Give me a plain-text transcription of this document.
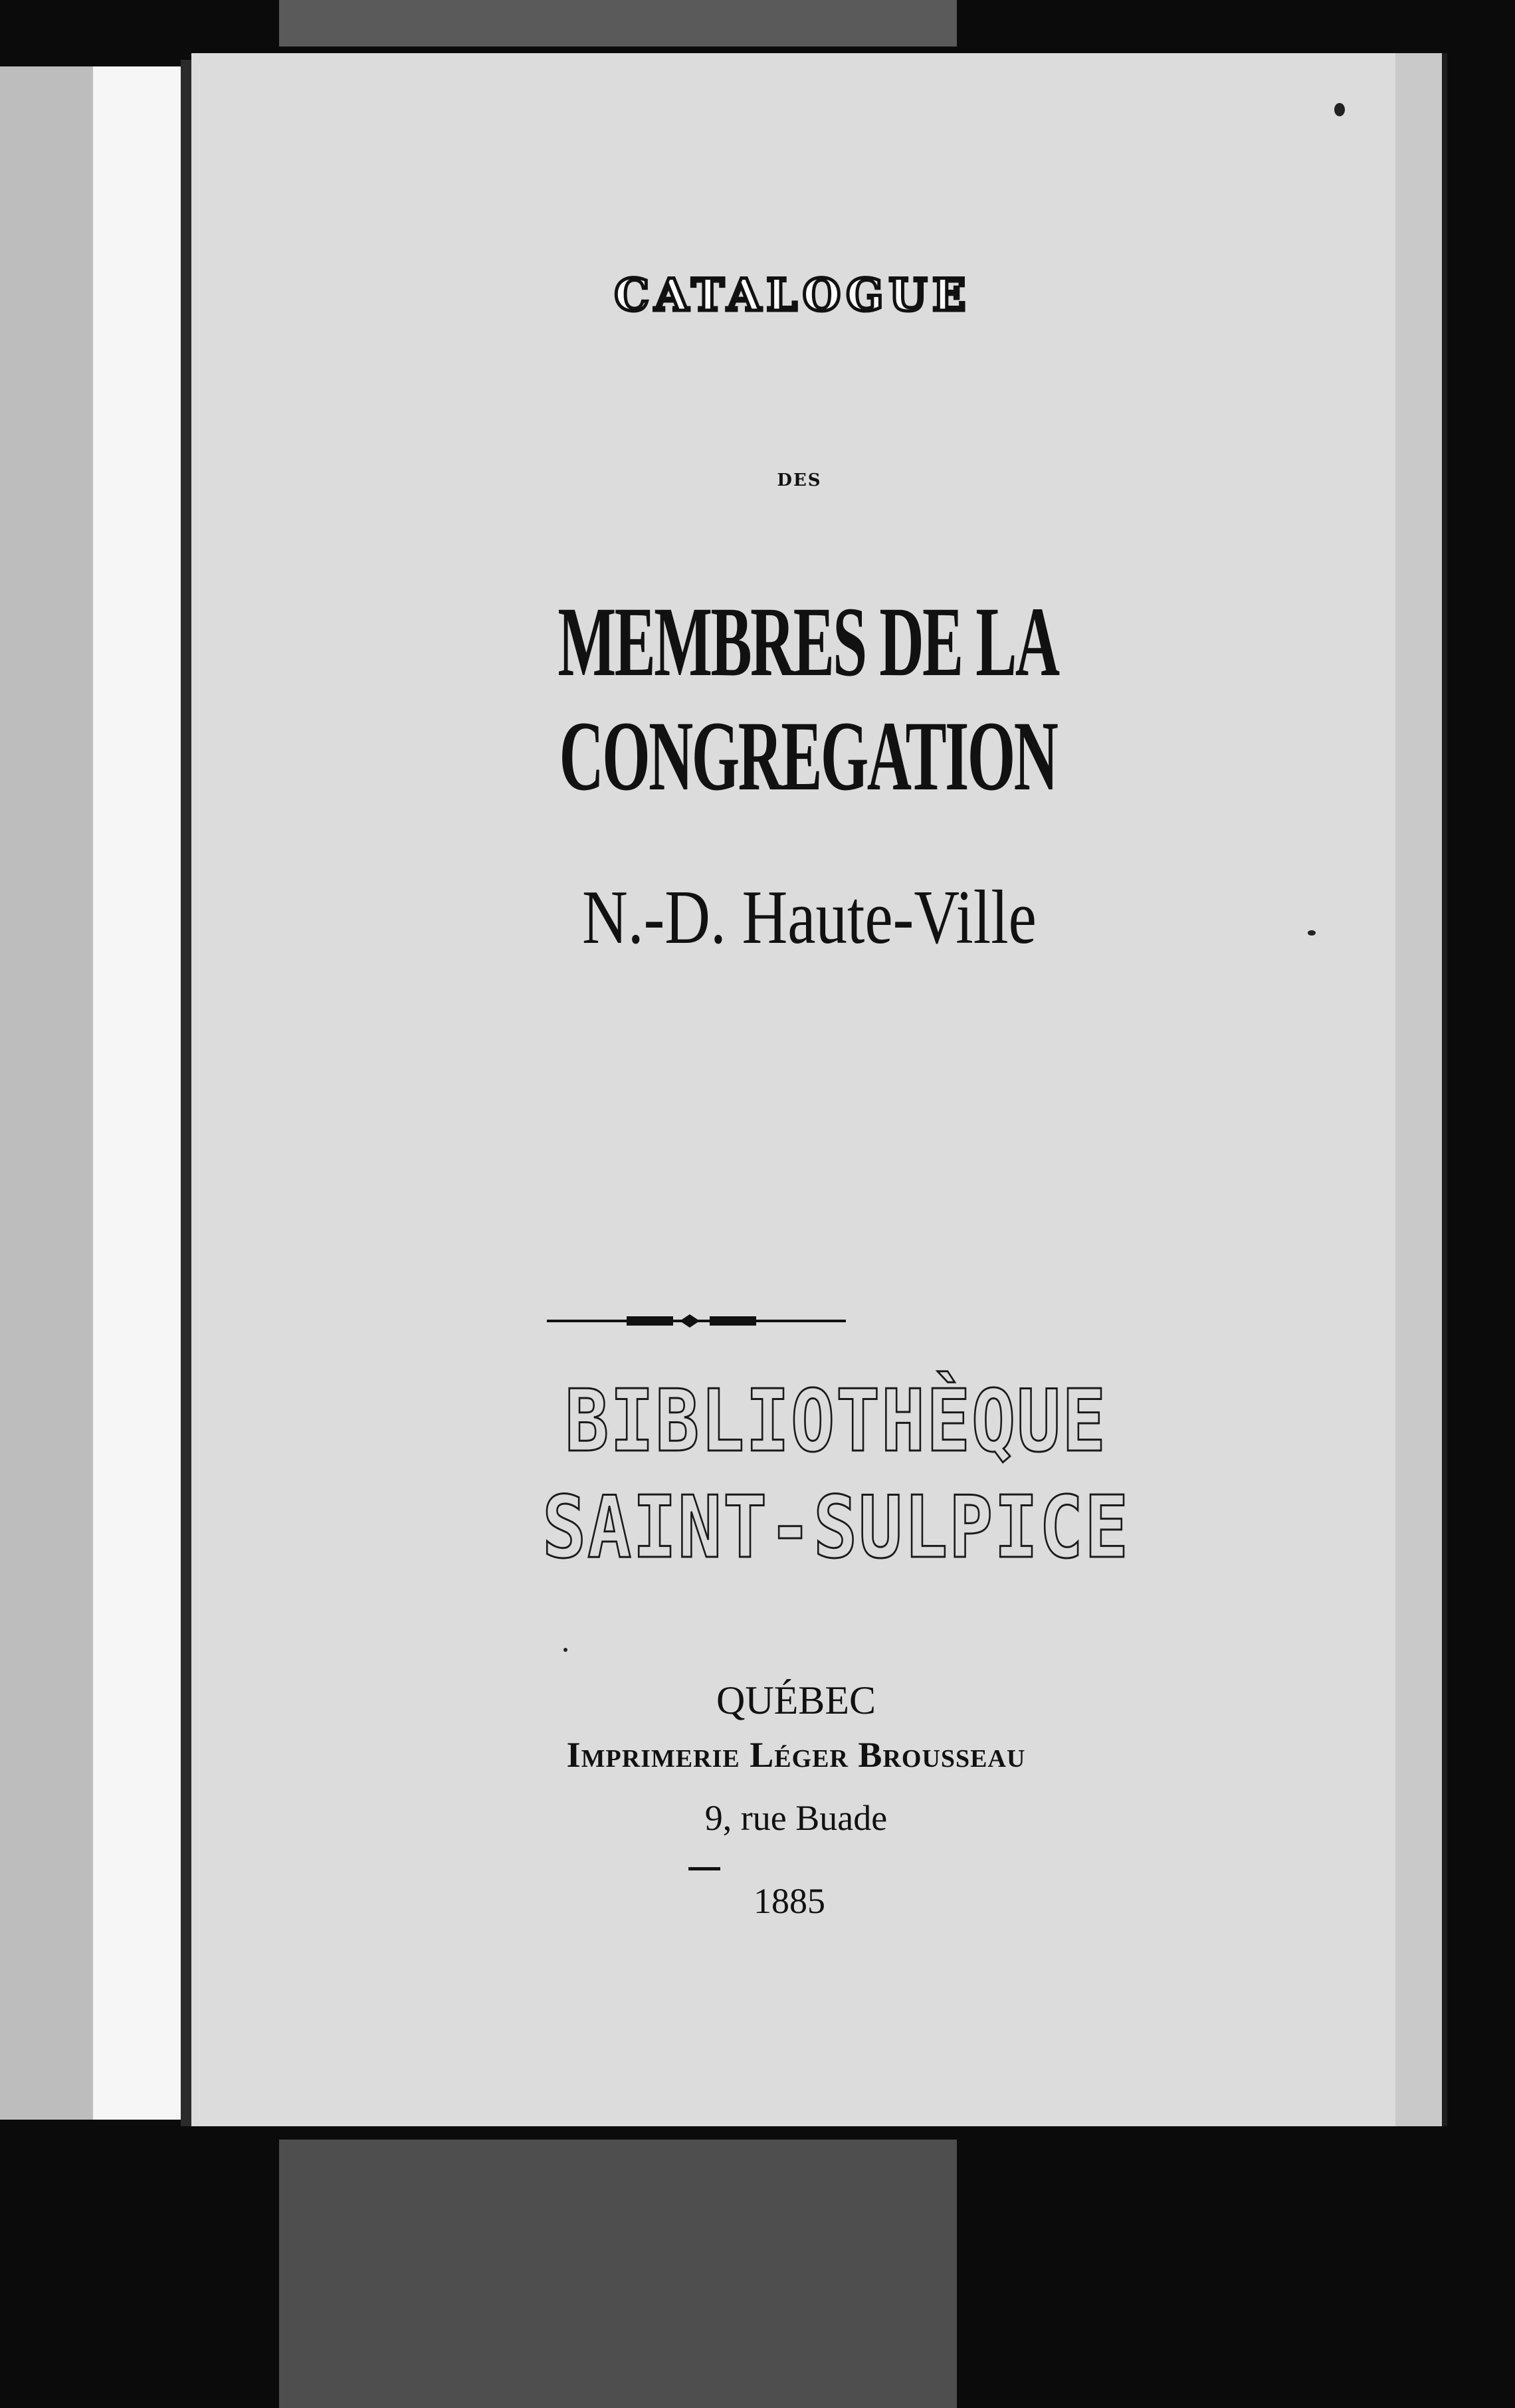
CATALOGUE
DES
MEMBRES DE LA CONGREGATION
N.-D. Haute-Ville
BIBLIOTHÈQUE
SAINT-SULPICE
QUÉBEC
Imprimerie Léger Brousseau
9, rue Buade
1885
